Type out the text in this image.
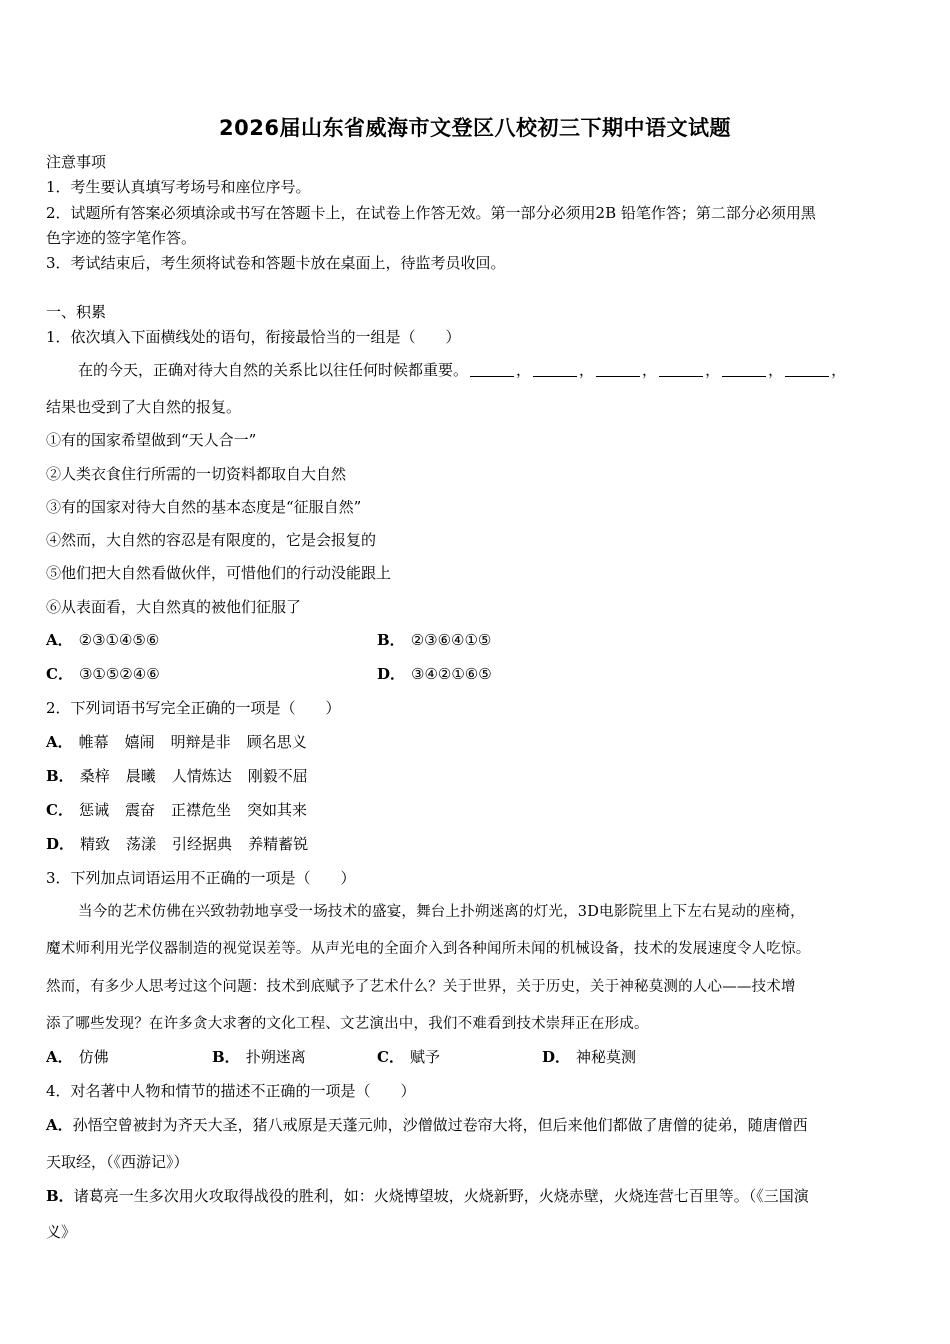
2026届山东省威海市文登区八校初三下期中语文试题
注意事项
1．考生要认真填写考场号和座位序号。
2．试题所有答案必须填涂或书写在答题卡上，在试卷上作答无效。第一部分必须用2B 铅笔作答；第二部分必须用黑
色字迹的签字笔作答。
3．考试结束后，考生须将试卷和答题卡放在桌面上，待监考员收回。
一、积累
1．依次填入下面横线处的语句，衔接最恰当的一组是（　　）
在的今天，正确对待大自然的关系比以往任何时候都重要。	，	，	，	，	，	，
结果也受到了大自然的报复。
①有的国家希望做到“天人合一”
②人类衣食住行所需的一切资料都取自大自然
③有的国家对待大自然的基本态度是“征服自然”
④然而，大自然的容忍是有限度的，它是会报复的
⑤他们把大自然看做伙伴，可惜他们的行动没能跟上
⑥从表面看，大自然真的被他们征服了
A． ②③①④⑤⑥	B． ②③⑥④①⑤
C． ③①⑤②④⑥	D． ③④②①⑥⑤
2．下列词语书写完全正确的一项是（　　）
A． 帷幕 嬉闹 明辩是非 顾名思义
B． 桑梓 晨曦 人情炼达 刚毅不屈
C． 惩诫 震奋 正襟危坐 突如其来
D． 精致 荡漾 引经据典 养精蓄锐
3．下列加点词语运用不正确的一项是（　　）
当今的艺术仿佛在兴致勃勃地享受一场技术的盛宴，舞台上扑朔迷离的灯光，3D电影院里上下左右晃动的座椅，
魔术师利用光学仪器制造的视觉误差等。从声光电的全面介入到各种闻所未闻的机械设备，技术的发展速度令人吃惊。
然而，有多少人思考过这个问题：技术到底赋予了艺术什么？关于世界，关于历史，关于神秘莫测的人心——技术增
添了哪些发现？在许多贪大求奢的文化工程、文艺演出中，我们不难看到技术崇拜正在形成。
A． 仿佛	B． 扑朔迷离	C． 赋予	D． 神秘莫测
4．对名著中人物和情节的描述不正确的一项是（　　）
A．孙悟空曾被封为齐天大圣，猪八戒原是天蓬元帅，沙僧做过卷帘大将，但后来他们都做了唐僧的徒弟，随唐僧西
天取经，（《西游记》）
B．诸葛亮一生多次用火攻取得战役的胜利，如：火烧博望坡，火烧新野，火烧赤壁，火烧连营七百里等。（《三国演
义》
